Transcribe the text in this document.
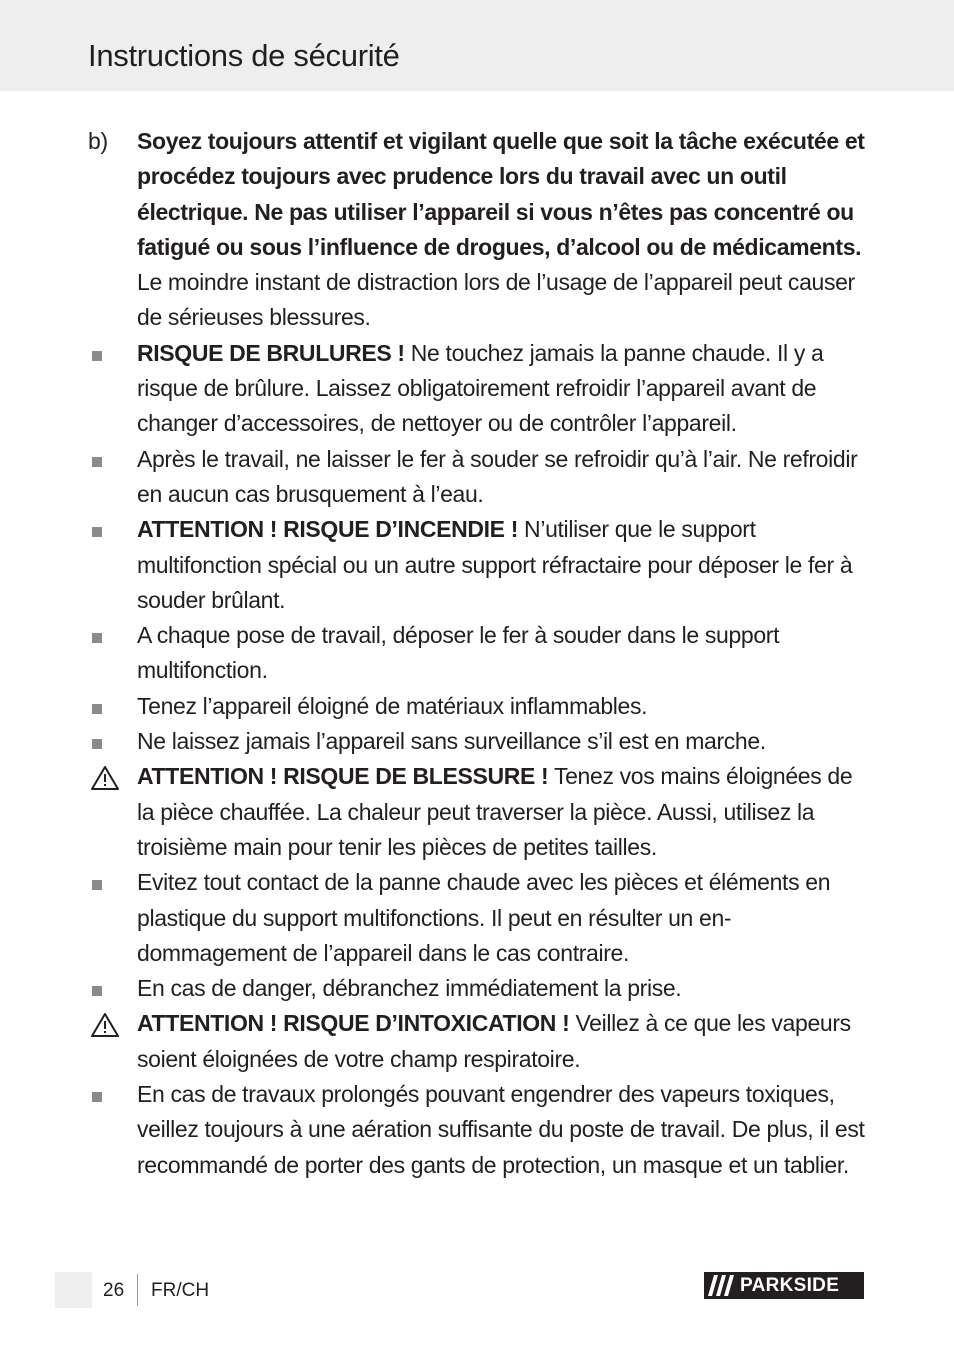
Instructions de sécurité
b)	Soyez toujours attentif et vigilant quelle que soit la tâche exécutée et procédez toujours avec prudence lors du travail avec un outil électrique. Ne pas utiliser l’appareil si vous n’êtes pas concentré ou fatigué ou sous l’influence de drogues, d’alcool ou de médicaments. Le moindre instant de distraction lors de l’usage de l’appareil peut causer de sérieuses blessures.
RISQUE DE BRULURES ! Ne touchez jamais la panne chaude. Il y a risque de brûlure. Laissez obligatoirement refroidir l’appareil avant de changer d’accessoires, de nettoyer ou de contrôler l’appareil.
Après le travail, ne laisser le fer à souder se refroidir qu’à l’air. Ne refroidir en aucun cas brusquement à l’eau.
ATTENTION ! RISQUE D’INCENDIE ! N’utiliser que le support multifonction spécial ou un autre support réfractaire pour déposer le fer à souder brûlant.
A chaque pose de travail, déposer le fer à souder dans le support multifonction.
Tenez l’appareil éloigné de matériaux inflammables.
Ne laissez jamais l’appareil sans surveillance s’il est en marche.
ATTENTION ! RISQUE DE BLESSURE ! Tenez vos mains éloignées de la pièce chauffée. La chaleur peut traverser la pièce. Aussi, utilisez la troisième main pour tenir les pièces de petites tailles.
Evitez tout contact de la panne chaude avec les pièces et éléments en plastique du support multifonctions. Il peut en résulter un endommagement de l’appareil dans le cas contraire.
En cas de danger, débranchez immédiatement la prise.
ATTENTION ! RISQUE D’INTOXICATION ! Veillez à ce que les vapeurs soient éloignées de votre champ respiratoire.
En cas de travaux prolongés pouvant engendrer des vapeurs toxiques, veillez toujours à une aération suffisante du poste de travail. De plus, il est recommandé de porter des gants de protection, un masque et un tablier.
26 FR/CH	PARKSIDE
